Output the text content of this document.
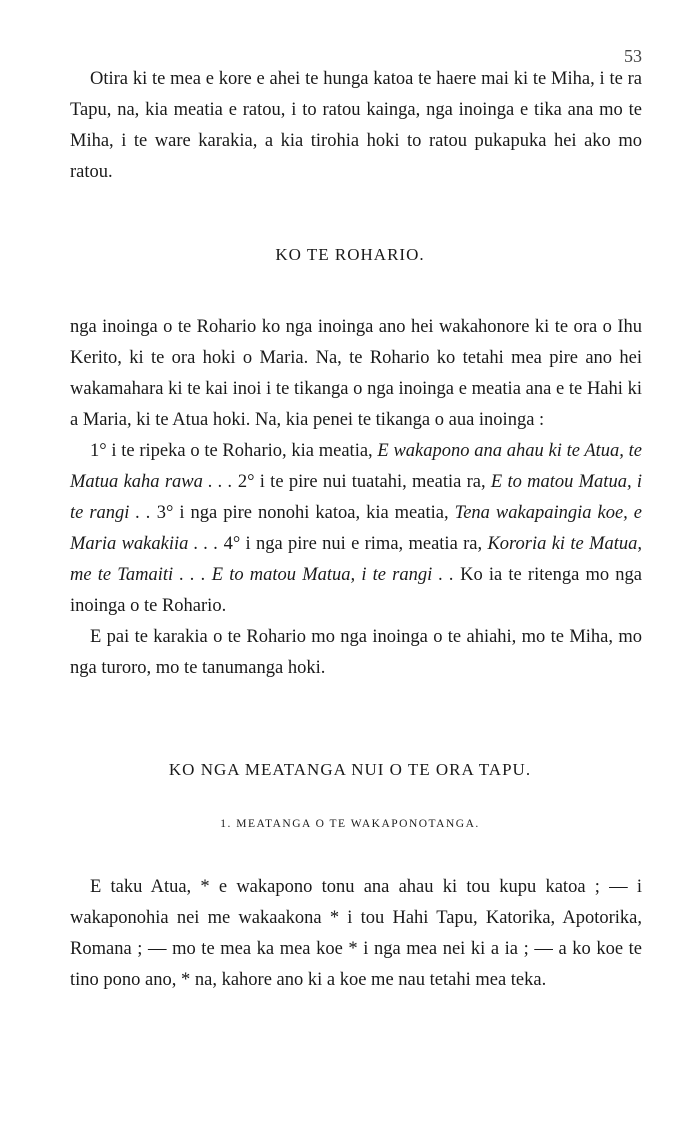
53

Otira ki te mea e kore e ahei te hunga katoa te haere mai ki te Miha, i te ra Tapu, na, kia meatia e ratou, i to ratou kainga, nga inoinga e tika ana mo te Miha, i te ware karakia, a kia tirohia hoki to ratou pukapuka hei ako mo ratou.

KO TE ROHARIO.

nga inoinga o te Rohario ko nga inoinga ano hei wakahonore ki te ora o Ihu Kerito, ki te ora hoki o Maria. Na, te Rohario ko tetahi mea pire ano hei wakamahara ki te kai inoi i te tikanga o nga inoinga e meatia ana e te Hahi ki a Maria, ki te Atua hoki. Na, kia penei te tikanga o aua inoinga :

1° i te ripeka o te Rohario, kia meatia, E wakapono ana ahau ki te Atua, te Matua kaha rawa . . . 2° i te pire nui tuatahi, meatia ra, E to matou Matua, i te rangi . . 3° i nga pire nonohi katoa, kia meatia, Tena wakapaingia koe, e Maria wakakiia . . . 4° i nga pire nui e rima, meatia ra, Kororia ki te Matua, me te Tamaiti . . . E to matou Matua, i te rangi . . Ko ia te ritenga mo nga inoinga o te Rohario.

E pai te karakia o te Rohario mo nga inoinga o te ahiahi, mo te Miha, mo nga turoro, mo te tanumanga hoki.

KO NGA MEATANGA NUI O TE ORA TAPU.
1. MEATANGA O TE WAKAPONOTANGA.

E taku Atua, * e wakapono tonu ana ahau ki tou kupu katoa ; — i wakaponohia nei me wakaakona * i tou Hahi Tapu, Katorika, Apotorika, Romana ; — mo te mea ka mea koe * i nga mea nei ki a ia ; — a ko koe te tino pono ano, * na, kahore ano ki a koe me nau tetahi mea teka.
